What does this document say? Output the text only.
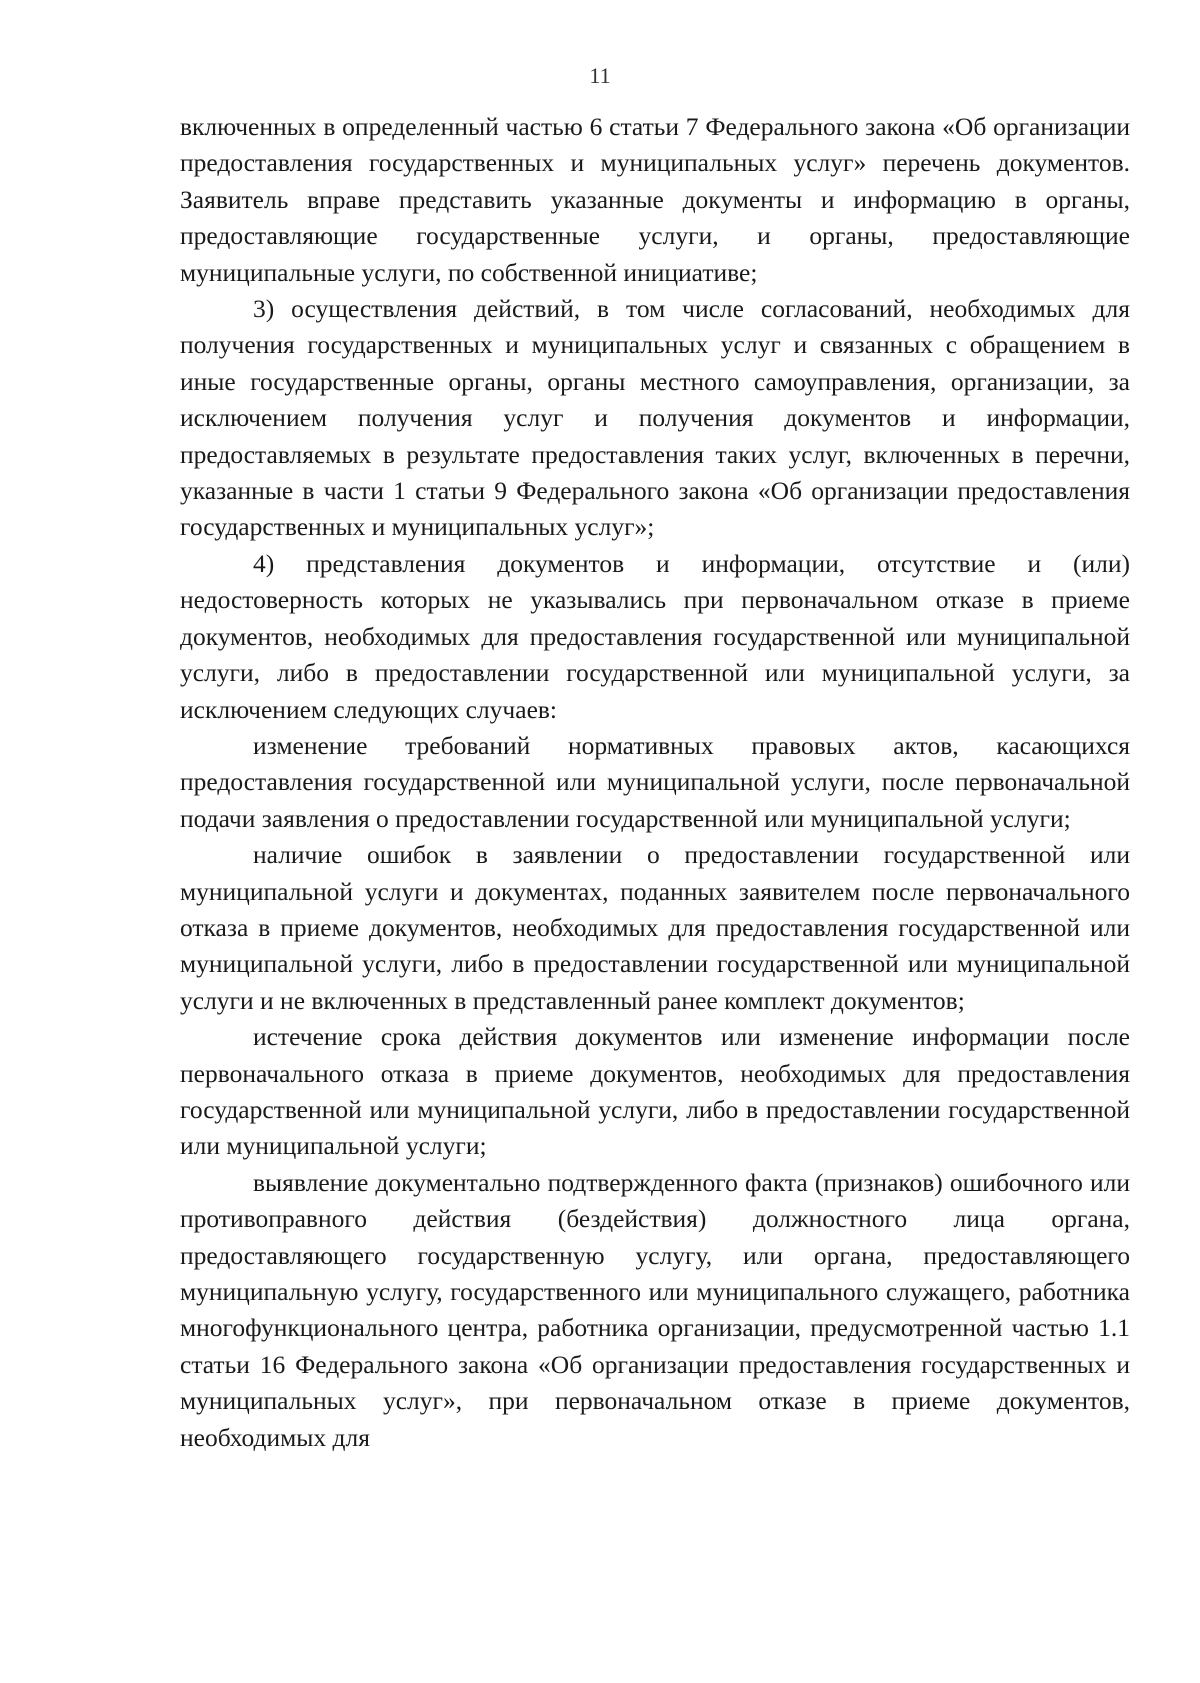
11

включенных в определенный частью 6 статьи 7 Федерального закона «Об организации предоставления государственных и муниципальных услуг» перечень документов. Заявитель вправе представить указанные документы и информацию в органы, предоставляющие государственные услуги, и органы, предоставляющие муниципальные услуги, по собственной инициативе;

3) осуществления действий, в том числе согласований, необходимых для получения государственных и муниципальных услуг и связанных с обращением в иные государственные органы, органы местного самоуправления, организации, за исключением получения услуг и получения документов и информации, предоставляемых в результате предоставления таких услуг, включенных в перечни, указанные в части 1 статьи 9 Федерального закона «Об организации предоставления государственных и муниципальных услуг»;

4) представления документов и информации, отсутствие и (или) недостоверность которых не указывались при первоначальном отказе в приеме документов, необходимых для предоставления государственной или муниципальной услуги, либо в предоставлении государственной или муниципальной услуги, за исключением следующих случаев:

изменение требований нормативных правовых актов, касающихся предоставления государственной или муниципальной услуги, после первоначальной подачи заявления о предоставлении государственной или муниципальной услуги;

наличие ошибок в заявлении о предоставлении государственной или муниципальной услуги и документах, поданных заявителем после первоначального отказа в приеме документов, необходимых для предоставления государственной или муниципальной услуги, либо в предоставлении государственной или муниципальной услуги и не включенных в представленный ранее комплект документов;

истечение срока действия документов или изменение информации после первоначального отказа в приеме документов, необходимых для предоставления государственной или муниципальной услуги, либо в предоставлении государственной или муниципальной услуги;

выявление документально подтвержденного факта (признаков) ошибочного или противоправного действия (бездействия) должностного лица органа, предоставляющего государственную услугу, или органа, предоставляющего муниципальную услугу, государственного или муниципального служащего, работника многофункционального центра, работника организации, предусмотренной частью 1.1 статьи 16 Федерального закона «Об организации предоставления государственных и муниципальных услуг», при первоначальном отказе в приеме документов, необходимых для
